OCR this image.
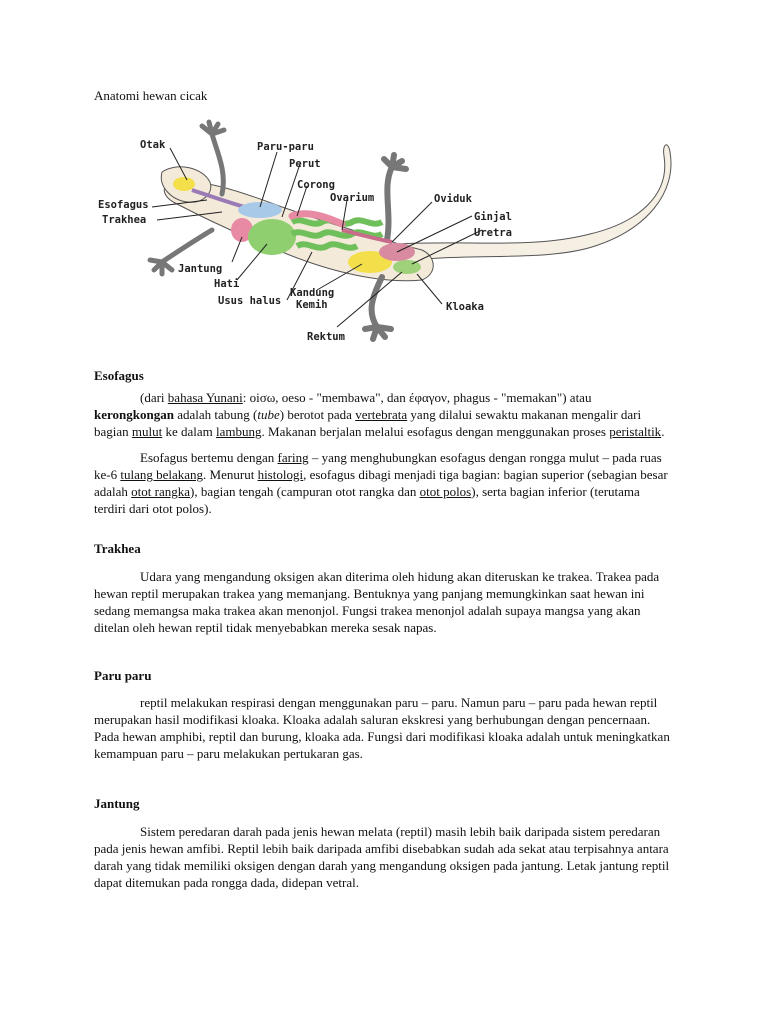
Anatomi hewan cicak
Otak	Paru-paru
Perut
Corong
Ovarium	Oviduk
Ginjal
Uretra
Esofagus
Trakhea
Jantung
Hati
Usus halus
Kandung
Kemih
Rektum
Kloaka
Esofagus

(dari bahasa Yunani: οiσω, οeso - "membawa", dan έφαγον, phagus - "memakan") atau kerongkongan adalah tabung (tube) berotot pada vertebrata yang dilalui sewaktu makanan mengalir dari bagian mulut ke dalam lambung. Makanan berjalan melalui esofagus dengan menggunakan proses peristaltik.

Esofagus bertemu dengan faring – yang menghubungkan esofagus dengan rongga mulut – pada ruas ke-6 tulang belakang. Menurut histologi, esofagus dibagi menjadi tiga bagian: bagian superior (sebagian besar adalah otot rangka), bagian tengah (campuran otot rangka dan otot polos), serta bagian inferior (terutama terdiri dari otot polos).

Trakhea

Udara yang mengandung oksigen akan diterima oleh hidung akan diteruskan ke trakea. Trakea pada hewan reptil merupakan trakea yang memanjang. Bentuknya yang panjang memungkinkan saat hewan ini sedang memangsa maka trakea akan menonjol. Fungsi trakea menonjol adalah supaya mangsa yang akan ditelan oleh hewan reptil tidak menyebabkan mereka sesak napas.

Paru paru

reptil melakukan respirasi dengan menggunakan paru – paru. Namun paru – paru pada hewan reptil merupakan hasil modifikasi kloaka. Kloaka adalah saluran ekskresi yang berhubungan dengan pencernaan. Pada hewan amphibi, reptil dan burung, kloaka ada. Fungsi dari modifikasi kloaka adalah untuk meningkatkan kemampuan paru – paru melakukan pertukaran gas.

Jantung

Sistem peredaran darah pada jenis hewan melata (reptil) masih lebih baik daripada sistem peredaran pada jenis hewan amfibi. Reptil lebih baik daripada amfibi disebabkan sudah ada sekat atau terpisahnya antara darah yang tidak memiliki oksigen dengan darah yang mengandung oksigen pada jantung. Letak jantung reptil dapat ditemukan pada rongga dada, didepan vetral.
